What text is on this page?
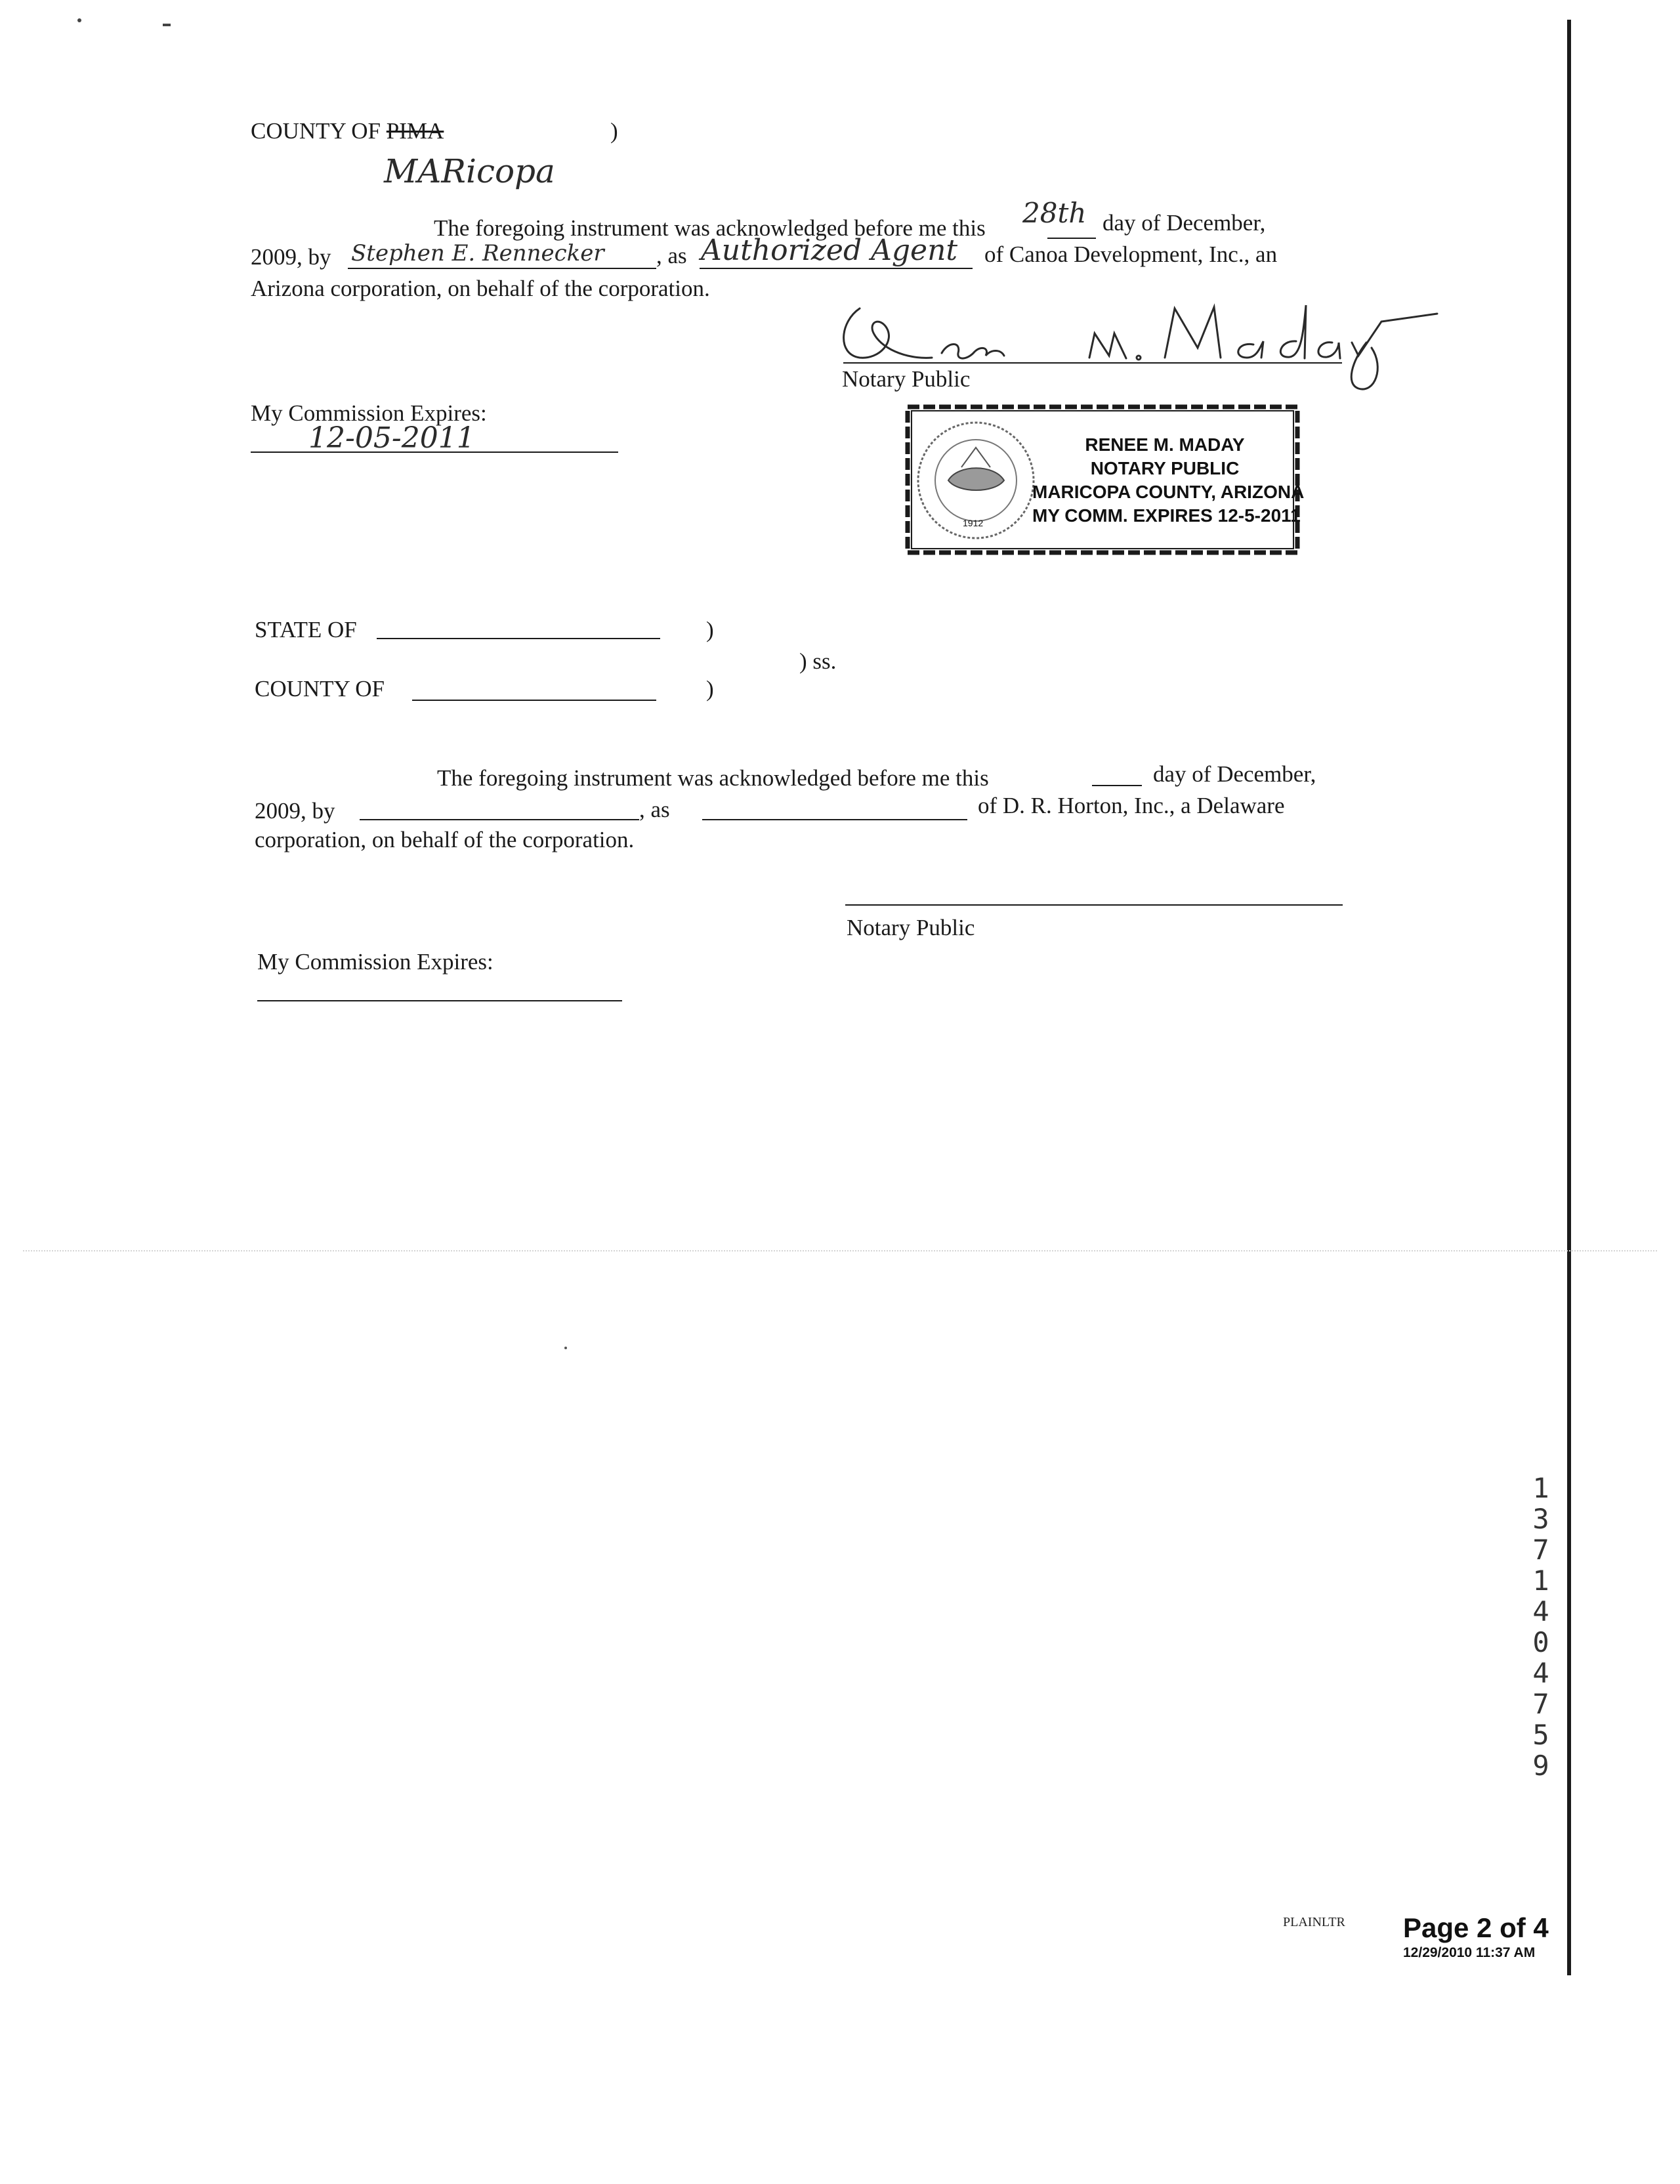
COUNTY OF PIMA	)
MARicopa
The foregoing instrument was acknowledged before me this 28th day of December,
2009, by Stephen E. Rennecker , as Authorized Agent of Canoa Development, Inc., an
Arizona corporation, on behalf of the corporation.
Notary Public
My Commission Expires:
12-05-2011
1912
RENEE M. MADAY
NOTARY PUBLIC
MARICOPA COUNTY, ARIZONA
MY COMM. EXPIRES 12-5-2011
STATE OF	)
) ss.
COUNTY OF	)
The foregoing instrument was acknowledged before me this	day of December,
2009, by	, as	of D. R. Horton, Inc., a Delaware
corporation, on behalf of the corporation.
Notary Public
My Commission Expires:

1 3 7 1 4 0 4 7 5 9

PLAINLTR Page 2 of 4
12/29/2010 11:37 AM
